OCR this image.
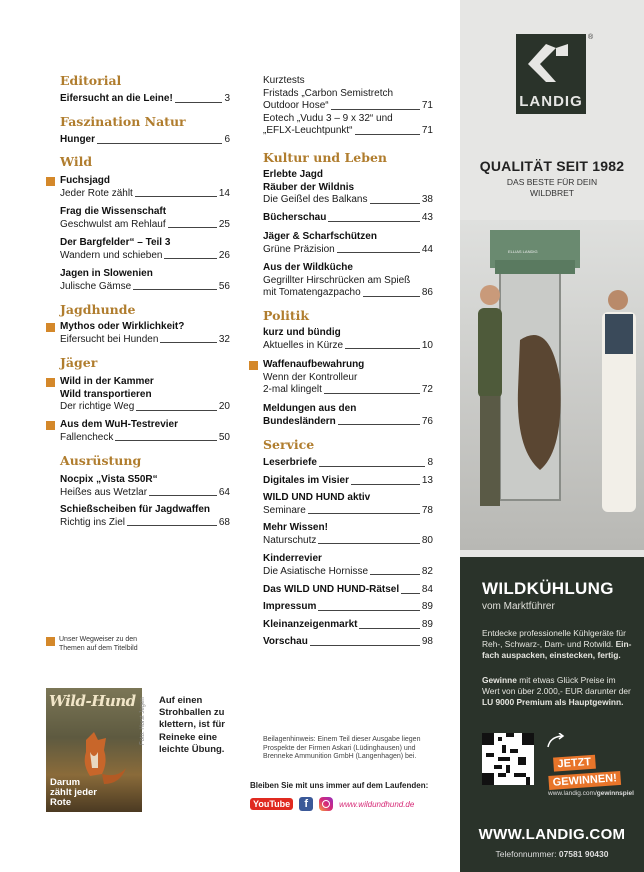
Editorial
Eifersucht an die Leine!	3
Faszination Natur
Hunger	6
Wild
Fuchsjagd
Jeder Rote zählt	14
Frag die Wissenschaft
Geschwulst am Rehlauf	25
Der Bargfelder“ – Teil 3
Wandern und schieben	26
Jagen in Slowenien
Julische Gämse	56
Jagdhunde
Mythos oder Wirklichkeit?
Eifersucht bei Hunden	32
Jäger
Wild in der Kammer
Wild transportieren
Der richtige Weg	20
Aus dem WuH-Testrevier
Fallencheck	50
Ausrüstung
Nocpix „Vista S50R“
Heißes aus Wetzlar	64
Schießscheiben für Jagdwaffen
Richtig ins Ziel	68
Unser Wegweiser zu den
Themen auf dem Titelbild
Wild-Hund
Darum
zählt jeder
Rote
Foto: Horst Jegen Auf einen
Strohballen zu
klettern, ist für
Reineke eine
leichte Übung.
Kurztests
Fristads „Carbon Semistretch
Outdoor Hose“	71
Eotech „Vudu 3 – 9 x 32“ und
„EFLX-Leuchtpunkt“	71
Kultur und Leben
Erlebte Jagd
Räuber der Wildnis
Die Geißel des Balkans	38
Bücherschau	43
Jäger & Scharfschützen
Grüne Präzision	44
Aus der Wildküche
Gegrillter Hirschrücken am Spieß
mit Tomatengazpacho	86
Politik
kurz und bündig
Aktuelles in Kürze	10
Waffenaufbewahrung
Wenn der Kontrolleur
2-mal klingelt	72
Meldungen aus den
Bundesländern	76
Service
Leserbriefe	8
Digitales im Visier	13
WILD UND HUND aktiv
Seminare	78
Mehr Wissen!
Naturschutz	80
Kinderrevier
Die Asiatische Hornisse	82
Das WILD UND HUND-Rätsel 84
Impressum	89
Kleinanzeigenmarkt	89
Vorschau	98
Beilagenhinweis: Einem Teil dieser Ausgabe liegen
Prospekte der Firmen Askari (Lüdinghausen) und
Brenneke Ammunition GmbH (Langenhagen) bei.
Bleiben Sie mit uns immer auf dem Laufenden:
YouTube	f	www.wildundhund.de
LANDIG
®
QUALITÄT SEIT 1982
DAS BESTE FÜR DEIN
WILDBRET
WILDKÜHLUNG
vom Marktführer
Entdecke professionelle Kühlgeräte für
Reh-, Schwarz-, Dam- und Rotwild. Ein-
fach auspacken, einstecken, fertig.
Gewinne mit etwas Glück Preise im
Wert von über 2.000,- EUR darunter der
LU 9000 Premium als Hauptgewinn.
JETZT
GEWINNEN!
www.landig.com/gewinnspiel
WWW.LANDIG.COM
Telefonnummer: 07581 90430
ELLIAS LANDIG
